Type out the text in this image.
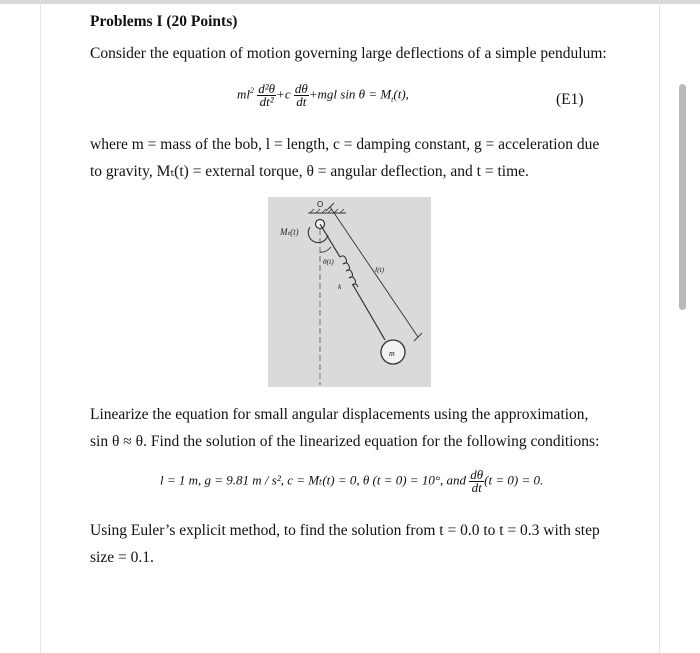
Problems I (20 Points)
Consider the equation of motion governing large deflections of a simple pendulum:
$ml^2 \frac{\text{d²θ}}{\text{dt²}} +c \frac{d\theta}{dt} +mgl$ $\sin \theta = M_t(t)$,	(E1)
where m = mass of the bob, l = length, c = damping constant, g = acceleration due
to gravity, Mₜ(t) = external torque, θ = angular deflection, and t = time.
O
Mₜ(t)
θ(t)
l(t)
k
m
Linearize the equation for small angular displacements using the approximation,
sin θ ≈ θ. Find the solution of the linearized equation for the following conditions:
l = 1 m, g = 9.81 m / s², c = Mₜ(t) = 0, θ (t = 0) = 10°, and $\frac{d\theta}{dt} (t = 0) = 0$.
Using Euler’s explicit method, to find the solution from t = 0.0 to t = 0.3 with step
size = 0.1.
